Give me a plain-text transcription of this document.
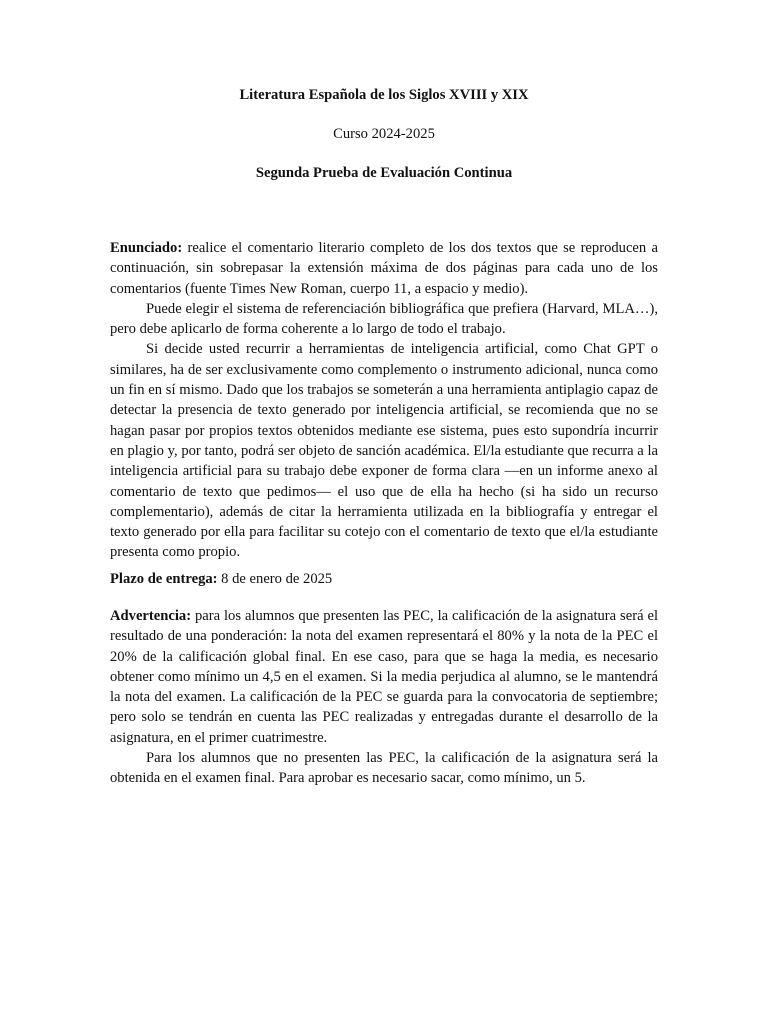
Literatura Española de los Siglos XVIII y XIX
Curso 2024-2025
Segunda Prueba de Evaluación Continua

Enunciado: realice el comentario literario completo de los dos textos que se reproducen a continuación, sin sobrepasar la extensión máxima de dos páginas para cada uno de los comentarios (fuente Times New Roman, cuerpo 11, a espacio y medio).

Puede elegir el sistema de referenciación bibliográfica que prefiera (Harvard, MLA…), pero debe aplicarlo de forma coherente a lo largo de todo el trabajo.

Si decide usted recurrir a herramientas de inteligencia artificial, como Chat GPT o similares, ha de ser exclusivamente como complemento o instrumento adicional, nunca como un fin en sí mismo. Dado que los trabajos se someterán a una herramienta antiplagio capaz de detectar la presencia de texto generado por inteligencia artificial, se recomienda que no se hagan pasar por propios textos obtenidos mediante ese sistema, pues esto supondría incurrir en plagio y, por tanto, podrá ser objeto de sanción académica. El/la estudiante que recurra a la inteligencia artificial para su trabajo debe exponer de forma clara —en un informe anexo al comentario de texto que pedimos— el uso que de ella ha hecho (si ha sido un recurso complementario), además de citar la herramienta utilizada en la bibliografía y entregar el texto generado por ella para facilitar su cotejo con el comentario de texto que el/la estudiante presenta como propio.

Plazo de entrega: 8 de enero de 2025

Advertencia: para los alumnos que presenten las PEC, la calificación de la asignatura será el resultado de una ponderación: la nota del examen representará el 80% y la nota de la PEC el 20% de la calificación global final. En ese caso, para que se haga la media, es necesario obtener como mínimo un 4,5 en el examen. Si la media perjudica al alumno, se le mantendrá la nota del examen. La calificación de la PEC se guarda para la convocatoria de septiembre; pero solo se tendrán en cuenta las PEC realizadas y entregadas durante el desarrollo de la asignatura, en el primer cuatrimestre.

Para los alumnos que no presenten las PEC, la calificación de la asignatura será la obtenida en el examen final. Para aprobar es necesario sacar, como mínimo, un 5.
